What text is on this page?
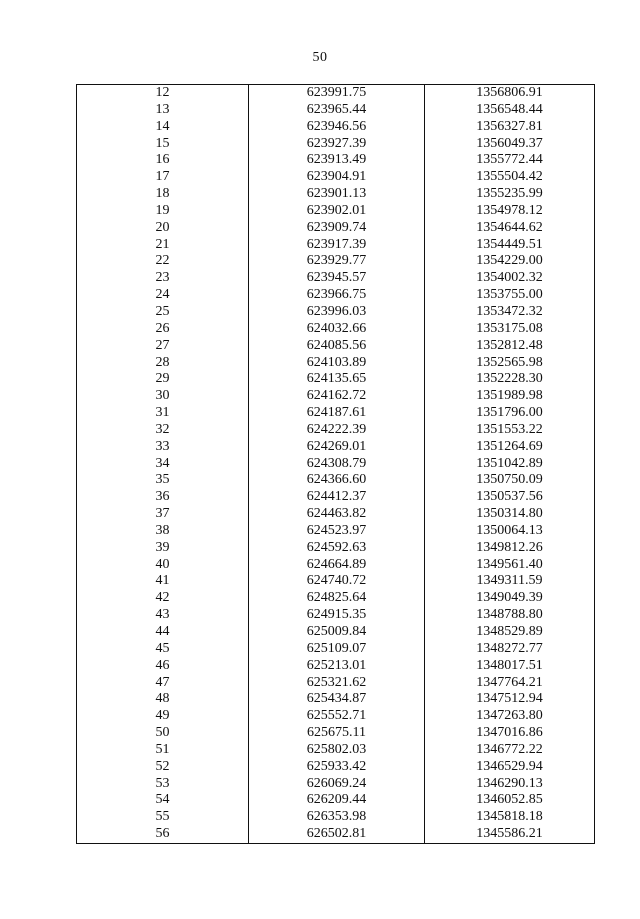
50
12	623991.75	1356806.91
13	623965.44	1356548.44
14	623946.56	1356327.81
15	623927.39	1356049.37
16	623913.49	1355772.44
17	623904.91	1355504.42
18	623901.13	1355235.99
19	623902.01	1354978.12
20	623909.74	1354644.62
21	623917.39	1354449.51
22	623929.77	1354229.00
23	623945.57	1354002.32
24	623966.75	1353755.00
25	623996.03	1353472.32
26	624032.66	1353175.08
27	624085.56	1352812.48
28	624103.89	1352565.98
29	624135.65	1352228.30
30	624162.72	1351989.98
31	624187.61	1351796.00
32	624222.39	1351553.22
33	624269.01	1351264.69
34	624308.79	1351042.89
35	624366.60	1350750.09
36	624412.37	1350537.56
37	624463.82	1350314.80
38	624523.97	1350064.13
39	624592.63	1349812.26
40	624664.89	1349561.40
41	624740.72	1349311.59
42	624825.64	1349049.39
43	624915.35	1348788.80
44	625009.84	1348529.89
45	625109.07	1348272.77
46	625213.01	1348017.51
47	625321.62	1347764.21
48	625434.87	1347512.94
49	625552.71	1347263.80
50	625675.11	1347016.86
51	625802.03	1346772.22
52	625933.42	1346529.94
53	626069.24	1346290.13
54	626209.44	1346052.85
55	626353.98	1345818.18
56	626502.81	1345586.21
